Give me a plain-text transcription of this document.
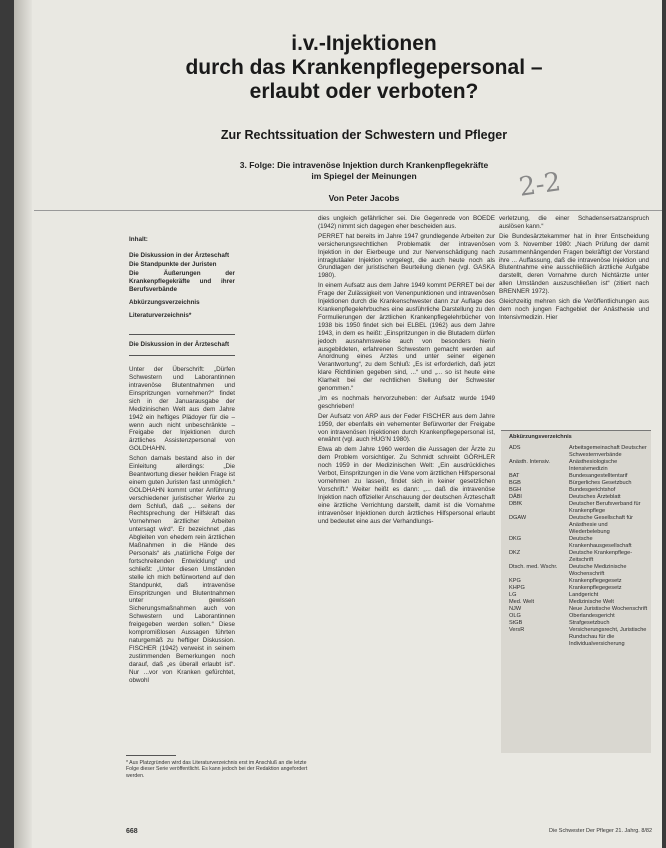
i.v.-Injektionen
durch das Krankenpflegepersonal –
erlaubt oder verboten?
Zur Rechtssituation der Schwestern und Pfleger
3. Folge: Die intravenöse Injektion durch Krankenpflegekräfte
im Spiegel der Meinungen	2-2
Von Peter Jacobs
Inhalt:
Die Diskussion in der Ärzteschaft
Die Standpunkte der Juristen
Die Äußerungen der Krankenpflegekräfte und ihrer Berufsverbände
Abkürzungsverzeichnis
Literaturverzeichnis*
Die Diskussion in der Ärzteschaft

Unter der Überschrift: „Dürfen Schwestern und Laborantinnen intravenöse Blutentnahmen und Einspritzungen vornehmen?“ findet sich in der Januarausgabe der Medizinischen Welt aus dem Jahre 1942 ein heftiges Plädoyer für die – wenn auch nicht unbeschränkte – Freigabe der Injektionen durch ärztliches Assistenzpersonal von GOLDHAHN.

Schon damals bestand also in der Einleitung allerdings: „Die Beantwortung dieser heiklen Frage ist einem guten Juristen fast unmöglich.“ GOLDHAHN kommt unter Anführung verschiedener juristischer Werke zu dem Schluß, daß „... seitens der Rechtsprechung der Hilfskraft das Vornehmen ärztlicher Arbeiten untersagt wird“. Er bezeichnet „das Abgleiten von ehedem rein ärztlichen Maßnahmen in die Hände des Personals“ als „natürliche Folge der fortschreitenden Entwicklung“ und schließt: „Unter diesen Umständen stelle ich mich befürwortend auf den Standpunkt, daß intravenöse Einspritzungen und Blutentnahmen unter gewissen Sicherungsmaßnahmen auch von Schwestern und Laborantinnen freigegeben werden sollen.“ Diese kompromißlosen Aussagen führten naturgemäß zu heftiger Diskussion. FISCHER (1942) verweist in seinem zustimmenden Bemerkungen noch darauf, daß „es überall erlaubt ist“. Nur ...vor von Kranken gefürchtet, obwohl

dies ungleich gefährlicher sei. Die Gegenrede von BOEDE (1942) nimmt sich dagegen eher bescheiden aus.

PERRET hat bereits im Jahre 1947 grundlegende Arbeiten zur versicherungsrechtlichen Problematik der intravenösen Injektion in der Eierbeuge und zur Nervenschädigung nach intraglutäaler Injektion vorgelegt, die auch heute noch als Grundlagen der juristischen Beurteilung dienen (vgl. GASKA 1980).

In einem Aufsatz aus dem Jahre 1949 kommt PERRET bei der Frage der Zulässigkeit von Venenpunktionen und intravenösen Injektionen durch die Krankenschwester dann zur Auflage des Krankenpflegelehrbuches eine ausführliche Darstellung zu den Formulierungen der ärztlichen Krankenpflegelehrbücher von 1938 bis 1950 findet sich bei ELBEL (1962) aus dem Jahre 1943, in dem es heißt: „Einspritzungen in die Blutadern dürfen jedoch ausnahmsweise auch von besonders hierin ausgebildeten, erfahrenen Schwestern gemacht werden auf Anordnung eines Arztes und unter seiner eigenen Verantwortung“, zu dem Schluß: „Es ist erforderlich, daß jetzt klare Richtlinien gegeben sind, ...“ und „... so ist heute eine Klarheit bei der rechtlichen Stellung der Schwester genommen.“

„Im es nochmals hervorzuheben: der Aufsatz wurde 1949 geschrieben!

Der Aufsatz von ARP aus der Feder FISCHER aus dem Jahre 1959, der ebenfalls ein vehementer Befürworter der Freigabe von intravenösen Injektionen durch Krankenpflegepersonal ist, erwähnt (vgl. auch HUG'N 1980).

Etwa ab dem Jahre 1960 werden die Aussagen der Ärzte zu dem Problem vorsichtiger. Zu Schmidt schreibt GÖRHLER noch 1959 in der Medizinischen Welt: „Ein ausdrückliches Verbot, Einspritzungen in die Vene vom ärztlichen Hilfspersonal vornehmen zu lassen, findet sich in keiner gesetzlichen Vorschrift.“ Weiter heißt es dann: „... daß die intravenöse Injektion nach offizieller Anschauung der deutschen Ärzteschaft eine ärztliche Verrichtung darstellt, damit ist die Vornahme intravenöser Injektionen durch ärztliches Hilfspersonal erlaubt und bedeutet eine aus der Verhandlungs-

verletzung, die einer Schadensersatzanspruch auslösen kann.“

Die Bundesärztekammer hat in ihrer Entscheidung vom 3. November 1980: „Nach Prüfung der damit zusammenhängenden Fragen bekräftigt der Vorstand ihre ... Auffassung, daß die intravenöse Injektion und Blutentnahme eine ausschließlich ärztliche Aufgabe darstellt, deren Vornahme durch Nichtärzte unter allen Umständen auszuschließen ist“ (zitiert nach BRENNER 1972).

Gleichzeitig mehren sich die Veröffentlichungen aus dem noch jungen Fachgebiet der Anästhesie und Intensivmedizin. Hier

Abkürzungsverzeichnis
ADS	Arbeitsgemeinschaft Deutscher Schwesternverbände
Anästh. Intensiv.	Anästhesiologische Intensivmedizin
BAT	Bundesangestelltentarif
BGB	Bürgerliches Gesetzbuch
BGH	Bundesgerichtshof
DÄBl	Deutsches Ärzteblatt
DBfK	Deutscher Berufsverband für Krankenpflege
DGAW	Deutsche Gesellschaft für Anästhesie und Wiederbelebung
DKG	Deutsche Krankenhausgesellschaft
DKZ	Deutsche Krankenpflege-Zeitschrift
Dtsch. med. Wschr.	Deutsche Medizinische Wochenschrift
KPG	Krankenpflegegesetz
KHPG	Krankenpflegegesetz
LG	Landgericht
Med. Welt	Medizinische Welt
NJW	Neue Juristische Wochenschrift
OLG	Oberlandesgericht
StGB	Strafgesetzbuch
VersR	Versicherungsrecht, Juristische Rundschau für die Individualversicherung
* Aus Platzgründen wird das Literaturverzeichnis erst im Anschluß an die letzte Folge dieser Serie veröffentlicht. Es kann jedoch bei der Redaktion angefordert werden.
668	Die Schwester Der Pfleger 21. Jahrg. 8/82
